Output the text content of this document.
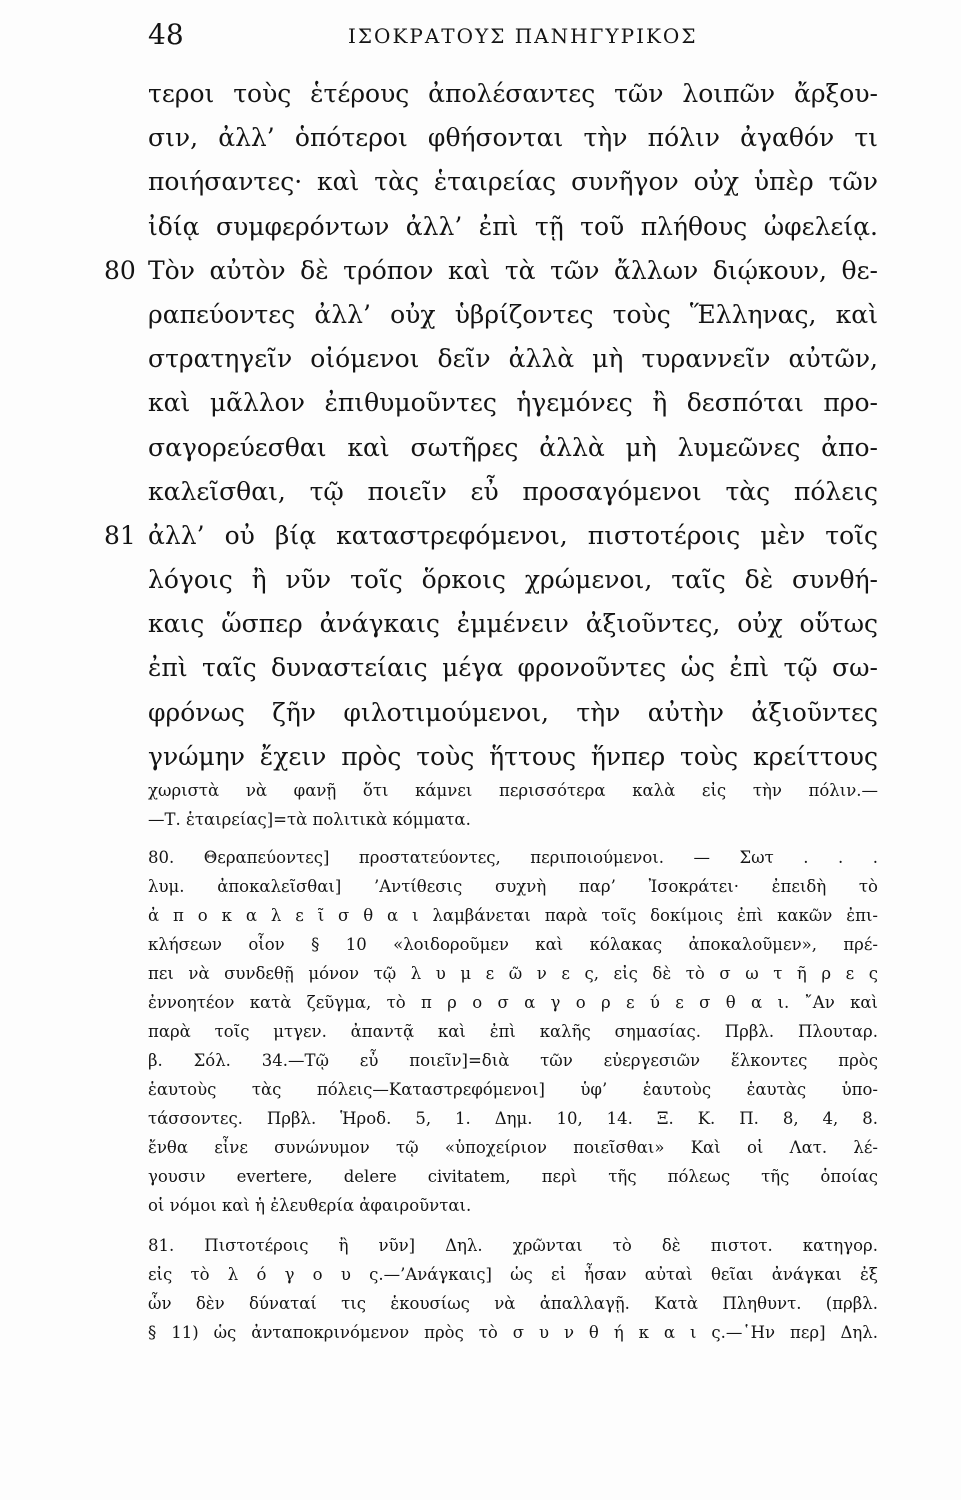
48	ΙΣΟΚΡΑΤΟΥΣ ΠΑΝΗΓΥΡΙΚΟΣ
τεροι τοὺς ἑτέρους ἀπολέσαντες τῶν λοιπῶν ἄρξου-
σιν, ἀλλ’ ὁπότεροι φθήσονται τὴν πόλιν ἀγαθόν τι
ποιήσαντες· καὶ τὰς ἑταιρείας συνῆγον οὐχ ὑπὲρ τῶν
ἰδίᾳ συμφερόντων ἀλλ’ ἐπὶ τῇ τοῦ πλήθους ὠφελείᾳ.
80 Τὸν αὐτὸν δὲ τρόπον καὶ τὰ τῶν ἄλλων διῴκουν, θε-
ραπεύοντες ἀλλ’ οὐχ ὑβρίζοντες τοὺς Ἕλληνας, καὶ
στρατηγεῖν οἰόμενοι δεῖν ἀλλὰ μὴ τυραννεῖν αὐτῶν,
καὶ μᾶλλον ἐπιθυμοῦντες ἡγεμόνες ἢ δεσπόται προ-
σαγορεύεσθαι καὶ σωτῆρες ἀλλὰ μὴ λυμεῶνες ἀπο-
καλεῖσθαι, τῷ ποιεῖν εὖ προσαγόμενοι τὰς πόλεις
81 ἀλλ’ οὐ βίᾳ καταστρεφόμενοι, πιστοτέροις μὲν τοῖς
λόγοις ἢ νῦν τοῖς ὅρκοις χρώμενοι, ταῖς δὲ συνθή-
καις ὥσπερ ἀνάγκαις ἐμμένειν ἀξιοῦντες, οὐχ οὕτως
ἐπὶ ταῖς δυναστείαις μέγα φρονοῦντες ὡς ἐπὶ τῷ σω-
φρόνως ζῆν φιλοτιμούμενοι, τὴν αὐτὴν ἀξιοῦντες
γνώμην ἔχειν πρὸς τοὺς ἥττους ἥνπερ τοὺς κρείττους
χωριστὰ νὰ φανῇ ὅτι κάμνει περισσότερα καλὰ εἰς τὴν πόλιν.—
—Τ. ἑταιρείας]=τὰ πολιτικὰ κόμματα.
80. Θεραπεύοντες] προστατεύοντες, περιποιούμενοι. — Σωτ . . .
λυμ. ἀποκαλεῖσθαι] ’Αντίθεσις συχνὴ παρ’ Ἰσοκράτει· ἐπειδὴ τὸ
ἀ π ο κ α λ ε ῖ σ θ α ι λαμβάνεται παρὰ τοῖς δοκίμοις ἐπὶ κακῶν ἐπι-
κλήσεων οἷον § 10 «λοιδοροῦμεν καὶ κόλακας ἀποκαλοῦμεν», πρέ-
πει νὰ συνδεθῇ μόνον τῷ λ υ μ ε ῶ ν ε ς, εἰς δὲ τὸ σ ω τ ῆ ρ ε ς
ἐννοητέον κατὰ ζεῦγμα, τὸ π ρ ο σ α γ ο ρ ε ύ ε σ θ α ι. ῎Αν καὶ
παρὰ τοῖς μτγεν. ἀπαντᾷ καὶ ἐπὶ καλῆς σημασίας. Πρβλ. Πλουταρ.
β. Σόλ. 34.—Τῷ εὖ ποιεῖν]=διὰ τῶν εὐεργεσιῶν ἕλκοντες πρὸς
ἑαυτοὺς τὰς πόλεις—Καταστρεφόμενοι] ὑφ’ ἑαυτοὺς ἑαυτὰς ὑπο-
τάσσοντες. Πρβλ. Ἡροδ. 5, 1. Δημ. 10, 14. Ξ. Κ. Π. 8, 4, 8.
ἔνθα εἶνε συνώνυμον τῷ «ὑποχείριον ποιεῖσθαι» Καὶ οἱ Λατ. λέ-
γουσιν evertere, delere civitatem, περὶ τῆς πόλεως τῆς ὁποίας
οἱ νόμοι καὶ ἡ ἐλευθερία ἀφαιροῦνται.
81. Πιστοτέροις ἢ νῦν] Δηλ. χρῶνται τὸ δὲ πιστοτ. κατηγορ.
εἰς τὸ λ ό γ ο υ ς.—’Ανάγκαις] ὡς εἰ ἦσαν αὐταὶ θεῖαι ἀνάγκαι ἐξ
ὧν δὲν δύναταί τις ἑκουσίως νὰ ἀπαλλαγῇ. Κατὰ Πληθυντ. (πρβλ.
§ 11) ὡς ἀνταποκρινόμενον πρὸς τὸ σ υ ν θ ή κ α ι ς.—῾Ην περ] Δηλ.
